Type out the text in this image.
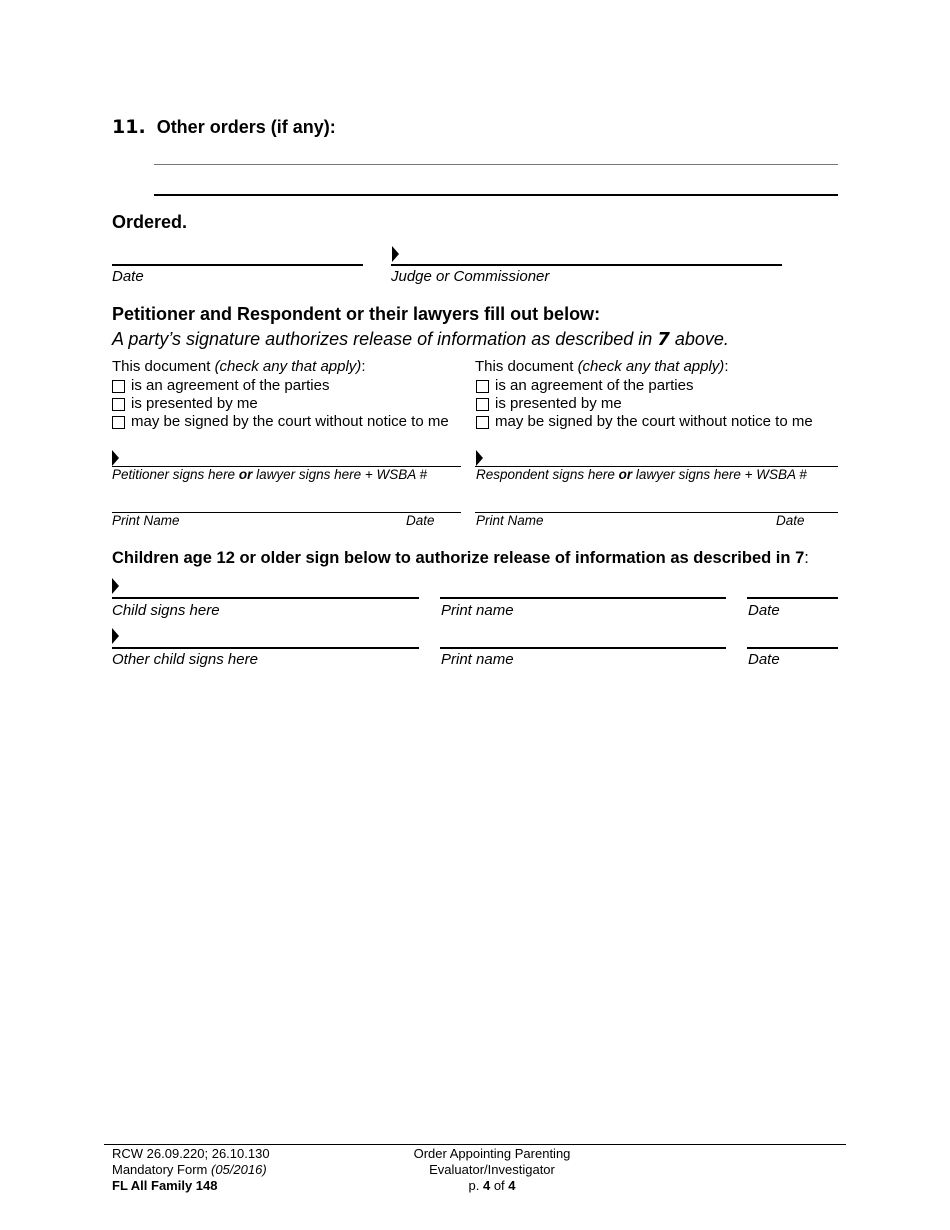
11. Other orders (if any):
Ordered.
Date	Judge or Commissioner
Petitioner and Respondent or their lawyers fill out below:
A party’s signature authorizes release of information as described in 7 above.
This document (check any that apply):
is an agreement of the parties
is presented by me
may be signed by the court without notice to me
Petitioner signs here or lawyer signs here + WSBA #
Print Name	Date
This document (check any that apply):
is an agreement of the parties
is presented by me
may be signed by the court without notice to me
Respondent signs here or lawyer signs here + WSBA #
Print Name	Date
Children age 12 or older sign below to authorize release of information as described in 7:
Child signs here	Print name	Date
Other child signs here	Print name	Date
RCW 26.09.220; 26.10.130
Mandatory Form (05/2016)
FL All Family 148
Order Appointing Parenting
Evaluator/Investigator
p. 4 of 4
